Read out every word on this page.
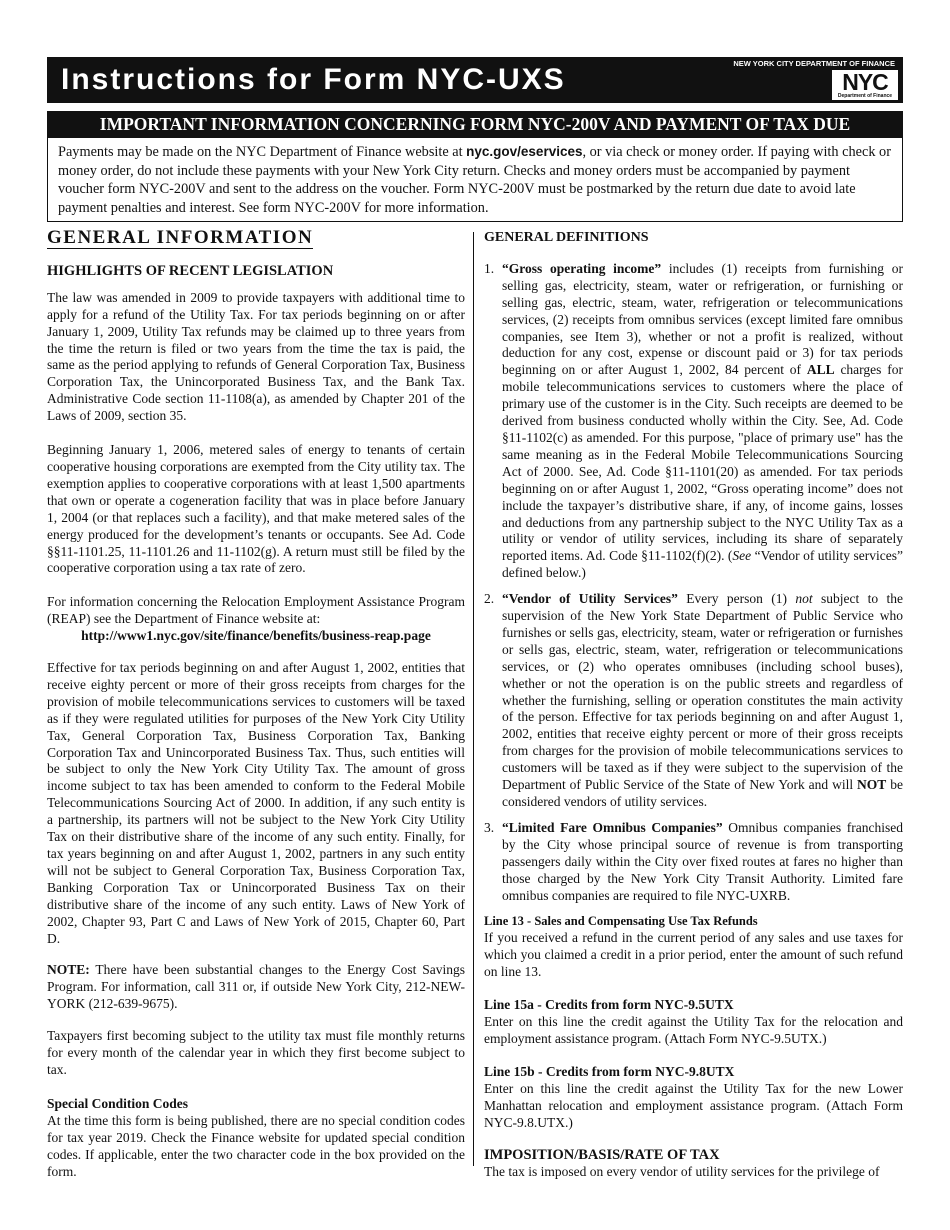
Instructions for Form NYC-UXS	NEW YORK CITY DEPARTMENT OF FINANCE
NYC
Department of Finance
IMPORTANT INFORMATION CONCERNING FORM NYC-200V AND PAYMENT OF TAX DUE
Payments may be made on the NYC Department of Finance website at nyc.gov/eservices, or via check or money order. If paying with check or money order, do not include these payments with your New York City return. Checks and money orders must be accompanied by payment voucher form NYC-200V and sent to the address on the voucher. Form NYC-200V must be postmarked by the return due date to avoid late payment penalties and interest. See form NYC-200V for more information.
GENERAL INFORMATION
HIGHLIGHTS OF RECENT LEGISLATION

The law was amended in 2009 to provide taxpayers with additional time to apply for a refund of the Utility Tax. For tax periods beginning on or after January 1, 2009, Utility Tax refunds may be claimed up to three years from the time the return is filed or two years from the time the tax is paid, the same as the period applying to refunds of General Corporation Tax, Business Corporation Tax, the Unincorporated Business Tax, and the Bank Tax. Administrative Code section 11-1108(a), as amended by Chapter 201 of the Laws of 2009, section 35.

Beginning January 1, 2006, metered sales of energy to tenants of certain cooperative housing corporations are exempted from the City utility tax. The exemption applies to cooperative corporations with at least 1,500 apartments that own or operate a cogeneration facility that was in place before January 1, 2004 (or that replaces such a facility), and that make metered sales of the energy produced for the development’s tenants or occupants. See Ad. Code §§11-1101.25, 11-1101.26 and 11-1102(g). A return must still be filed by the cooperative corporation using a tax rate of zero.

For information concerning the Relocation Employment Assistance Program (REAP) see the Department of Finance website at:
http://www1.nyc.gov/site/finance/benefits/business-reap.page

Effective for tax periods beginning on and after August 1, 2002, entities that receive eighty percent or more of their gross receipts from charges for the provision of mobile telecommunications services to customers will be taxed as if they were regulated utilities for purposes of the New York City Utility Tax, General Corporation Tax, Business Corporation Tax, Banking Corporation Tax and Unincorporated Business Tax. Thus, such entities will be subject to only the New York City Utility Tax. The amount of gross income subject to tax has been amended to conform to the Federal Mobile Telecommunications Sourcing Act of 2000. In addition, if any such entity is a partnership, its partners will not be subject to the New York City Utility Tax on their distributive share of the income of any such entity. Finally, for tax years beginning on and after August 1, 2002, partners in any such entity will not be subject to General Corporation Tax, Business Corporation Tax, Banking Corporation Tax or Unincorporated Business Tax on their distributive share of the income of any such entity. Laws of New York of 2002, Chapter 93, Part C and Laws of New York of 2015, Chapter 60, Part D.

NOTE: There have been substantial changes to the Energy Cost Savings Program. For information, call 311 or, if outside New York City, 212-NEW-YORK (212-639-9675).

Taxpayers first becoming subject to the utility tax must file monthly returns for every month of the calendar year in which they first become subject to tax.

Special Condition Codes

At the time this form is being published, there are no special condition codes for tax year 2019. Check the Finance website for updated special condition codes. If applicable, enter the two character code in the box provided on the form.

GENERAL DEFINITIONS
1. “Gross operating income” includes (1) receipts from furnishing or selling gas, electricity, steam, water or refrigeration, or furnishing or selling gas, electric, steam, water, refrigeration or telecommunications services, (2) receipts from omnibus services (except limited fare omnibus companies, see Item 3), whether or not a profit is realized, without deduction for any cost, expense or discount paid or 3) for tax periods beginning on or after August 1, 2002, 84 percent of ALL charges for mobile telecommunications services to customers where the place of primary use of the customer is in the City. Such receipts are deemed to be derived from business conducted wholly within the City. See, Ad. Code §11-1102(c) as amended. For this purpose, "place of primary use" has the same meaning as in the Federal Mobile Telecommunications Sourcing Act of 2000. See, Ad. Code §11-1101(20) as amended. For tax periods beginning on or after August 1, 2002, “Gross operating income” does not include the taxpayer’s distributive share, if any, of income gains, losses and deductions from any partnership subject to the NYC Utility Tax as a utility or vendor of utility services, including its share of separately reported items. Ad. Code §11-1102(f)(2). (See “Vendor of utility services” defined below.)
2. “Vendor of Utility Services” Every person (1) not subject to the supervision of the New York State Department of Public Service who furnishes or sells gas, electricity, steam, water or refrigeration or furnishes or sells gas, electric, steam, water, refrigeration or telecommunications services, or (2) who operates omnibuses (including school buses), whether or not the operation is on the public streets and regardless of whether the furnishing, selling or operation constitutes the main activity of the person. Effective for tax periods beginning on and after August 1, 2002, entities that receive eighty percent or more of their gross receipts from charges for the provision of mobile telecommunications services to customers will be taxed as if they were subject to the supervision of the Department of Public Service of the State of New York and will NOT be considered vendors of utility services.
3. “Limited Fare Omnibus Companies” Omnibus companies franchised by the City whose principal source of revenue is from transporting passengers daily within the City over fixed routes at fares no higher than those charged by the New York City Transit Authority. Limited fare omnibus companies are required to file NYC-UXRB.
Line 13 - Sales and Compensating Use Tax Refunds

If you received a refund in the current period of any sales and use taxes for which you claimed a credit in a prior period, enter the amount of such refund on line 13.

Line 15a - Credits from form NYC-9.5UTX

Enter on this line the credit against the Utility Tax for the relocation and employment assistance program. (Attach Form NYC-9.5UTX.)

Line 15b - Credits from form NYC-9.8UTX

Enter on this line the credit against the Utility Tax for the new Lower Manhattan relocation and employment assistance program. (Attach Form NYC-9.8.UTX.)

IMPOSITION/BASIS/RATE OF TAX

The tax is imposed on every vendor of utility services for the privilege of
